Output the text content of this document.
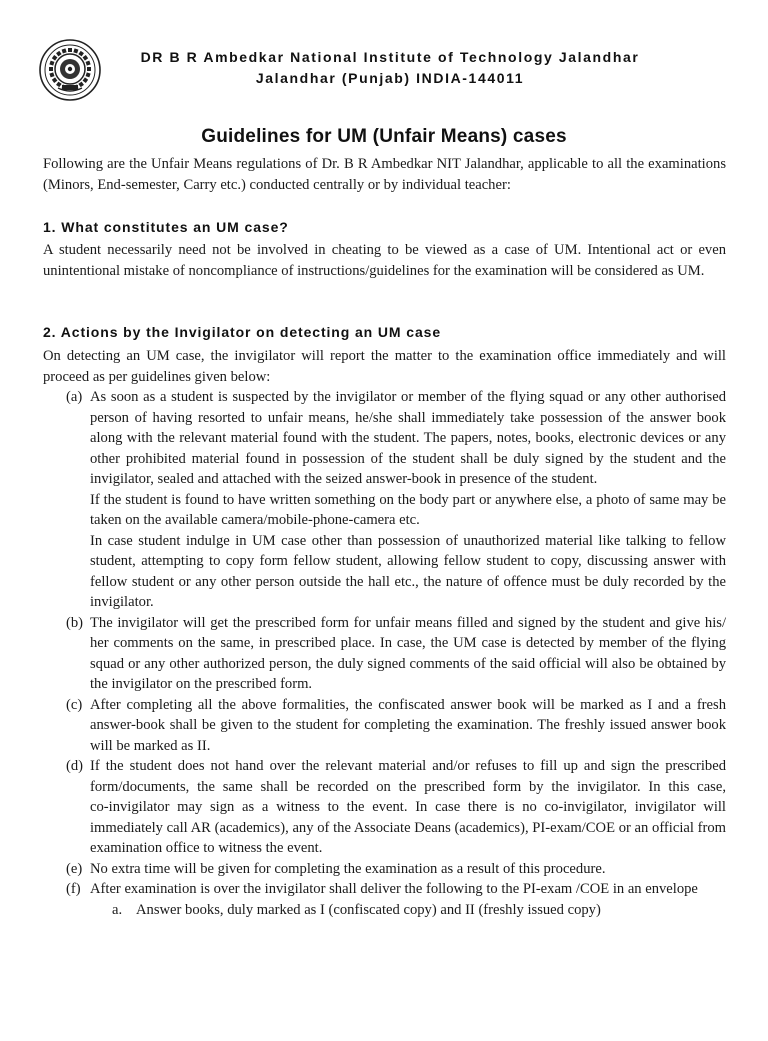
DR B R Ambedkar National Institute of Technology Jalandhar
Jalandhar (Punjab) INDIA-144011
Guidelines for UM (Unfair Means) cases
Following are the Unfair Means regulations of Dr. B R Ambedkar NIT Jalandhar, applicable to all the examinations
(Minors, End-semester, Carry etc.) conducted centrally or by individual teacher:
1. What constitutes an UM case?
A student necessarily need not be involved in cheating to be viewed as a case of UM. Intentional act or even
unintentional mistake of noncompliance of instructions/guidelines for the examination will be considered as UM.
2. Actions by the Invigilator on detecting an UM case
On detecting an UM case, the invigilator will report the matter to the examination office immediately and will
proceed as per guidelines given below:
(a) As soon as a student is suspected by the invigilator or member of the flying squad or any other authorised
person of having resorted to unfair means, he/she shall immediately take possession of the answer book
along with the relevant material found with the student. The papers, notes, books, electronic devices or any
other prohibited material found in possession of the student shall be duly signed by the student and the
invigilator, sealed and attached with the seized answer-book in presence of the student.
If the student is found to have written something on the body part or anywhere else, a photo of same may be
taken on the available camera/mobile-phone-camera etc.
In case student indulge in UM case other than possession of unauthorized material like talking to fellow
student, attempting to copy form fellow student, allowing fellow student to copy, discussing answer with
fellow student or any other person outside the hall etc., the nature of offence must be duly recorded by the
invigilator.
(b) The invigilator will get the prescribed form for unfair means filled and signed by the student and give his/
her comments on the same, in prescribed place. In case, the UM case is detected by member of the flying
squad or any other authorized person, the duly signed comments of the said official will also be obtained by
the invigilator on the prescribed form.
(c) After completing all the above formalities, the confiscated answer book will be marked as I and a fresh
answer-book shall be given to the student for completing the examination. The freshly issued answer book
will be marked as II.
(d) If the student does not hand over the relevant material and/or refuses to fill up and sign the prescribed
form/documents, the same shall be recorded on the prescribed form by the invigilator. In this case,
co-invigilator may sign as a witness to the event. In case there is no co-invigilator, invigilator will
immediately call AR (academics), any of the Associate Deans (academics), PI-exam/COE or an official from
examination office to witness the event.
(e) No extra time will be given for completing the examination as a result of this procedure.
(f) After examination is over the invigilator shall deliver the following to the PI-exam /COE in an envelope
a. Answer books, duly marked as I (confiscated copy) and II (freshly issued copy)
